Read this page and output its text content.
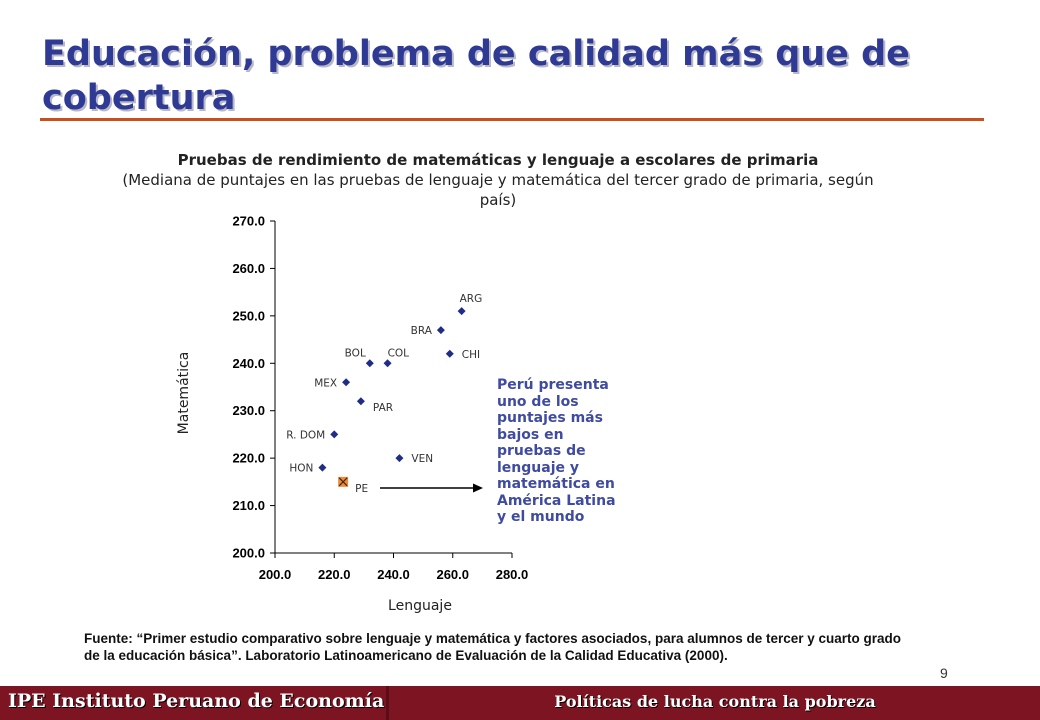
Educación, problema de calidad más que de cobertura
Pruebas de rendimiento de matemáticas y lenguaje a escolares de primaria
(Mediana de puntajes en las pruebas de lenguaje y matemática del tercer grado de primaria, según país)
200.0
210.0
220.0
230.0
240.0
250.0
260.0
270.0
200.0 220.0 240.0 260.0 280.0
ARG
BRA
CHI
COL
BOL
MEX
PAR
R. DOM
VEN
HON
PE
Matemática
Lenguaje
Perú presenta uno de los puntajes más bajos en pruebas de lenguaje y matemática en América Latina y el mundo
Fuente: “Primer estudio comparativo sobre lenguaje y matemática y factores asociados, para alumnos de tercer y cuarto grado de la educación básica”. Laboratorio Latinoamericano de Evaluación de la Calidad Educativa (2000).
9
IPE Instituto Peruano de Economía	Políticas de lucha contra la pobreza
